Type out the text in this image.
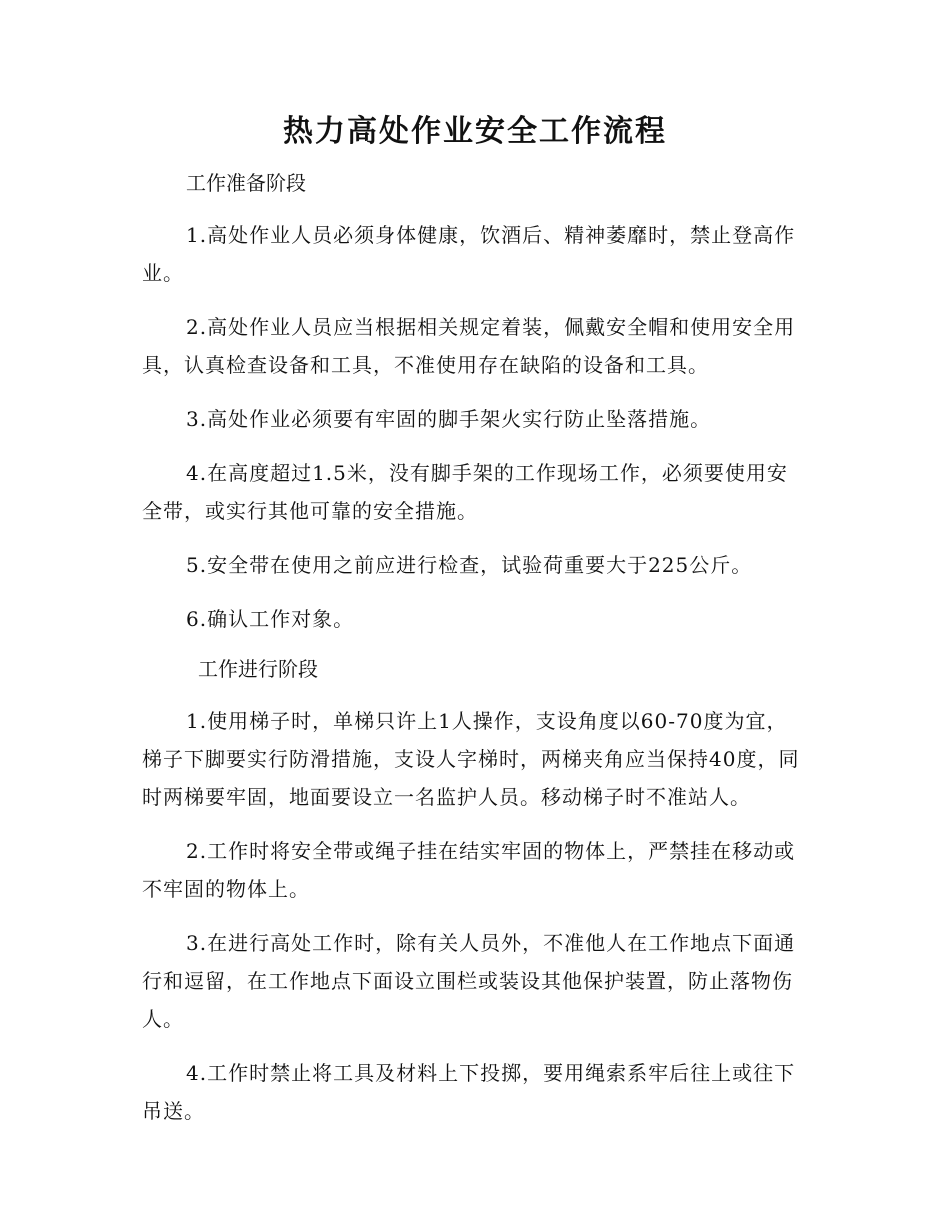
热力高处作业安全工作流程

工作准备阶段

1.高处作业人员必须身体健康，饮酒后、精神萎靡时，禁止登高作业。

2.高处作业人员应当根据相关规定着装，佩戴安全帽和使用安全用具，认真检查设备和工具，不准使用存在缺陷的设备和工具。

3.高处作业必须要有牢固的脚手架火实行防止坠落措施。

4.在高度超过1.5米，没有脚手架的工作现场工作，必须要使用安全带，或实行其他可靠的安全措施。

5.安全带在使用之前应进行检查，试验荷重要大于225公斤。

6.确认工作对象。

工作进行阶段

1.使用梯子时，单梯只许上1人操作，支设角度以60-70度为宜，梯子下脚要实行防滑措施，支设人字梯时，两梯夹角应当保持40度，同时两梯要牢固，地面要设立一名监护人员。移动梯子时不准站人。

2.工作时将安全带或绳子挂在结实牢固的物体上，严禁挂在移动或不牢固的物体上。

3.在进行高处工作时，除有关人员外，不准他人在工作地点下面通行和逗留，在工作地点下面设立围栏或装设其他保护装置，防止落物伤人。

4.工作时禁止将工具及材料上下投掷，要用绳索系牢后往上或往下吊送。
